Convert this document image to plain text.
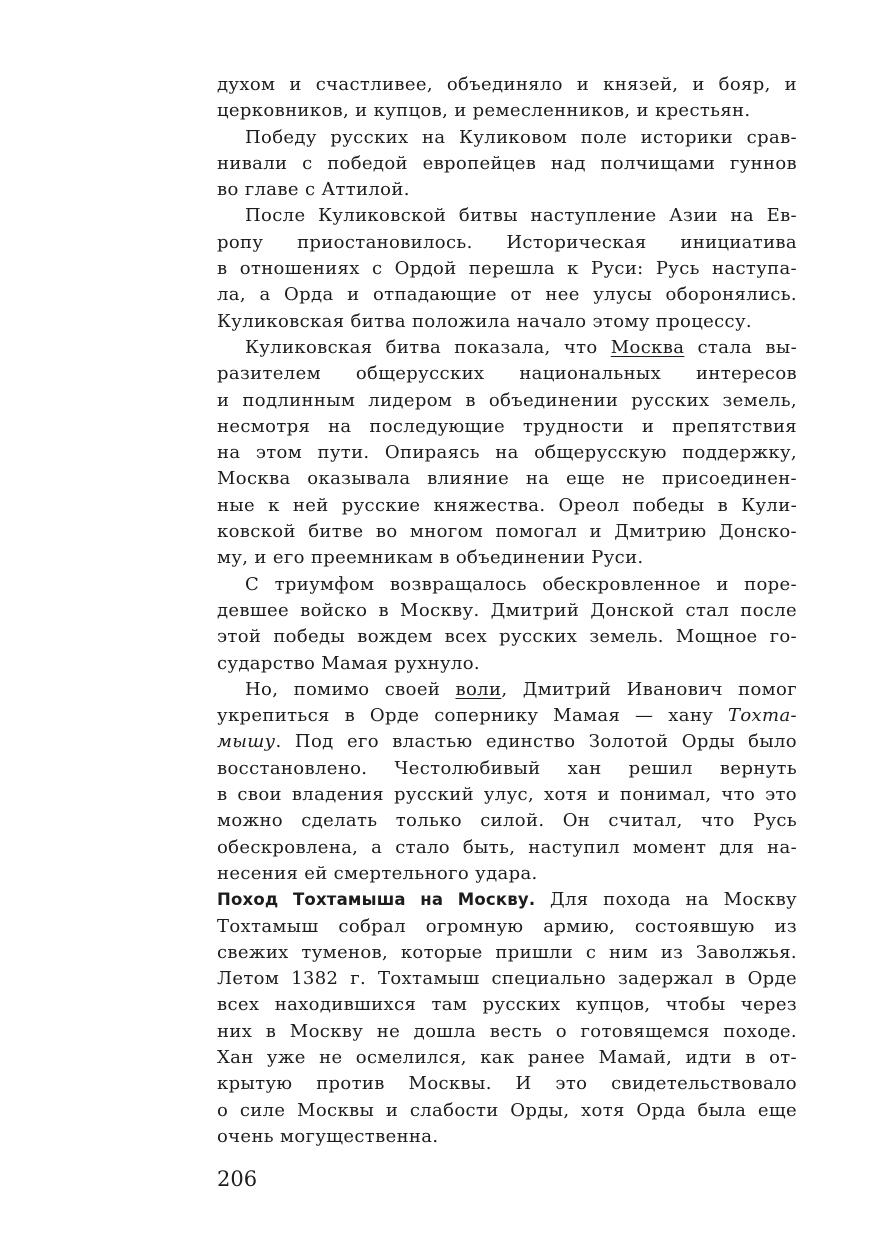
духом и счастливее, объединяло и князей, и бояр, и
церковников, и купцов, и ремесленников, и крестьян.
Победу русских на Куликовом поле историки срав-
нивали с победой европейцев над полчищами гуннов
во главе с Аттилой.
После Куликовской битвы наступление Азии на Ев-
ропу приостановилось. Историческая инициатива
в отношениях с Ордой перешла к Руси: Русь наступа-
ла, а Орда и отпадающие от нее улусы оборонялись.
Куликовская битва положила начало этому процессу.
Куликовская битва показала, что Москва стала вы-
разителем общерусских национальных интересов
и подлинным лидером в объединении русских земель,
несмотря на последующие трудности и препятствия
на этом пути. Опираясь на общерусскую поддержку,
Москва оказывала влияние на еще не присоединен-
ные к ней русские княжества. Ореол победы в Кули-
ковской битве во многом помогал и Дмитрию Донско-
му, и его преемникам в объединении Руси.
С триумфом возвращалось обескровленное и поре-
девшее войско в Москву. Дмитрий Донской стал после
этой победы вождем всех русских земель. Мощное го-
сударство Мамая рухнуло.
Но, помимо своей воли, Дмитрий Иванович помог
укрепиться в Орде сопернику Мамая — хану Тохта-
мышу. Под его властью единство Золотой Орды было
восстановлено. Честолюбивый хан решил вернуть
в свои владения русский улус, хотя и понимал, что это
можно сделать только силой. Он считал, что Русь
обескровлена, а стало быть, наступил момент для на-
несения ей смертельного удара.
Поход Тохтамыша на Москву. Для похода на Москву
Тохтамыш собрал огромную армию, состоявшую из
свежих туменов, которые пришли с ним из Заволжья.
Летом 1382 г. Тохтамыш специально задержал в Орде
всех находившихся там русских купцов, чтобы через
них в Москву не дошла весть о готовящемся походе.
Хан уже не осмелился, как ранее Мамай, идти в от-
крытую против Москвы. И это свидетельствовало
о силе Москвы и слабости Орды, хотя Орда была еще
очень могущественна.
206
